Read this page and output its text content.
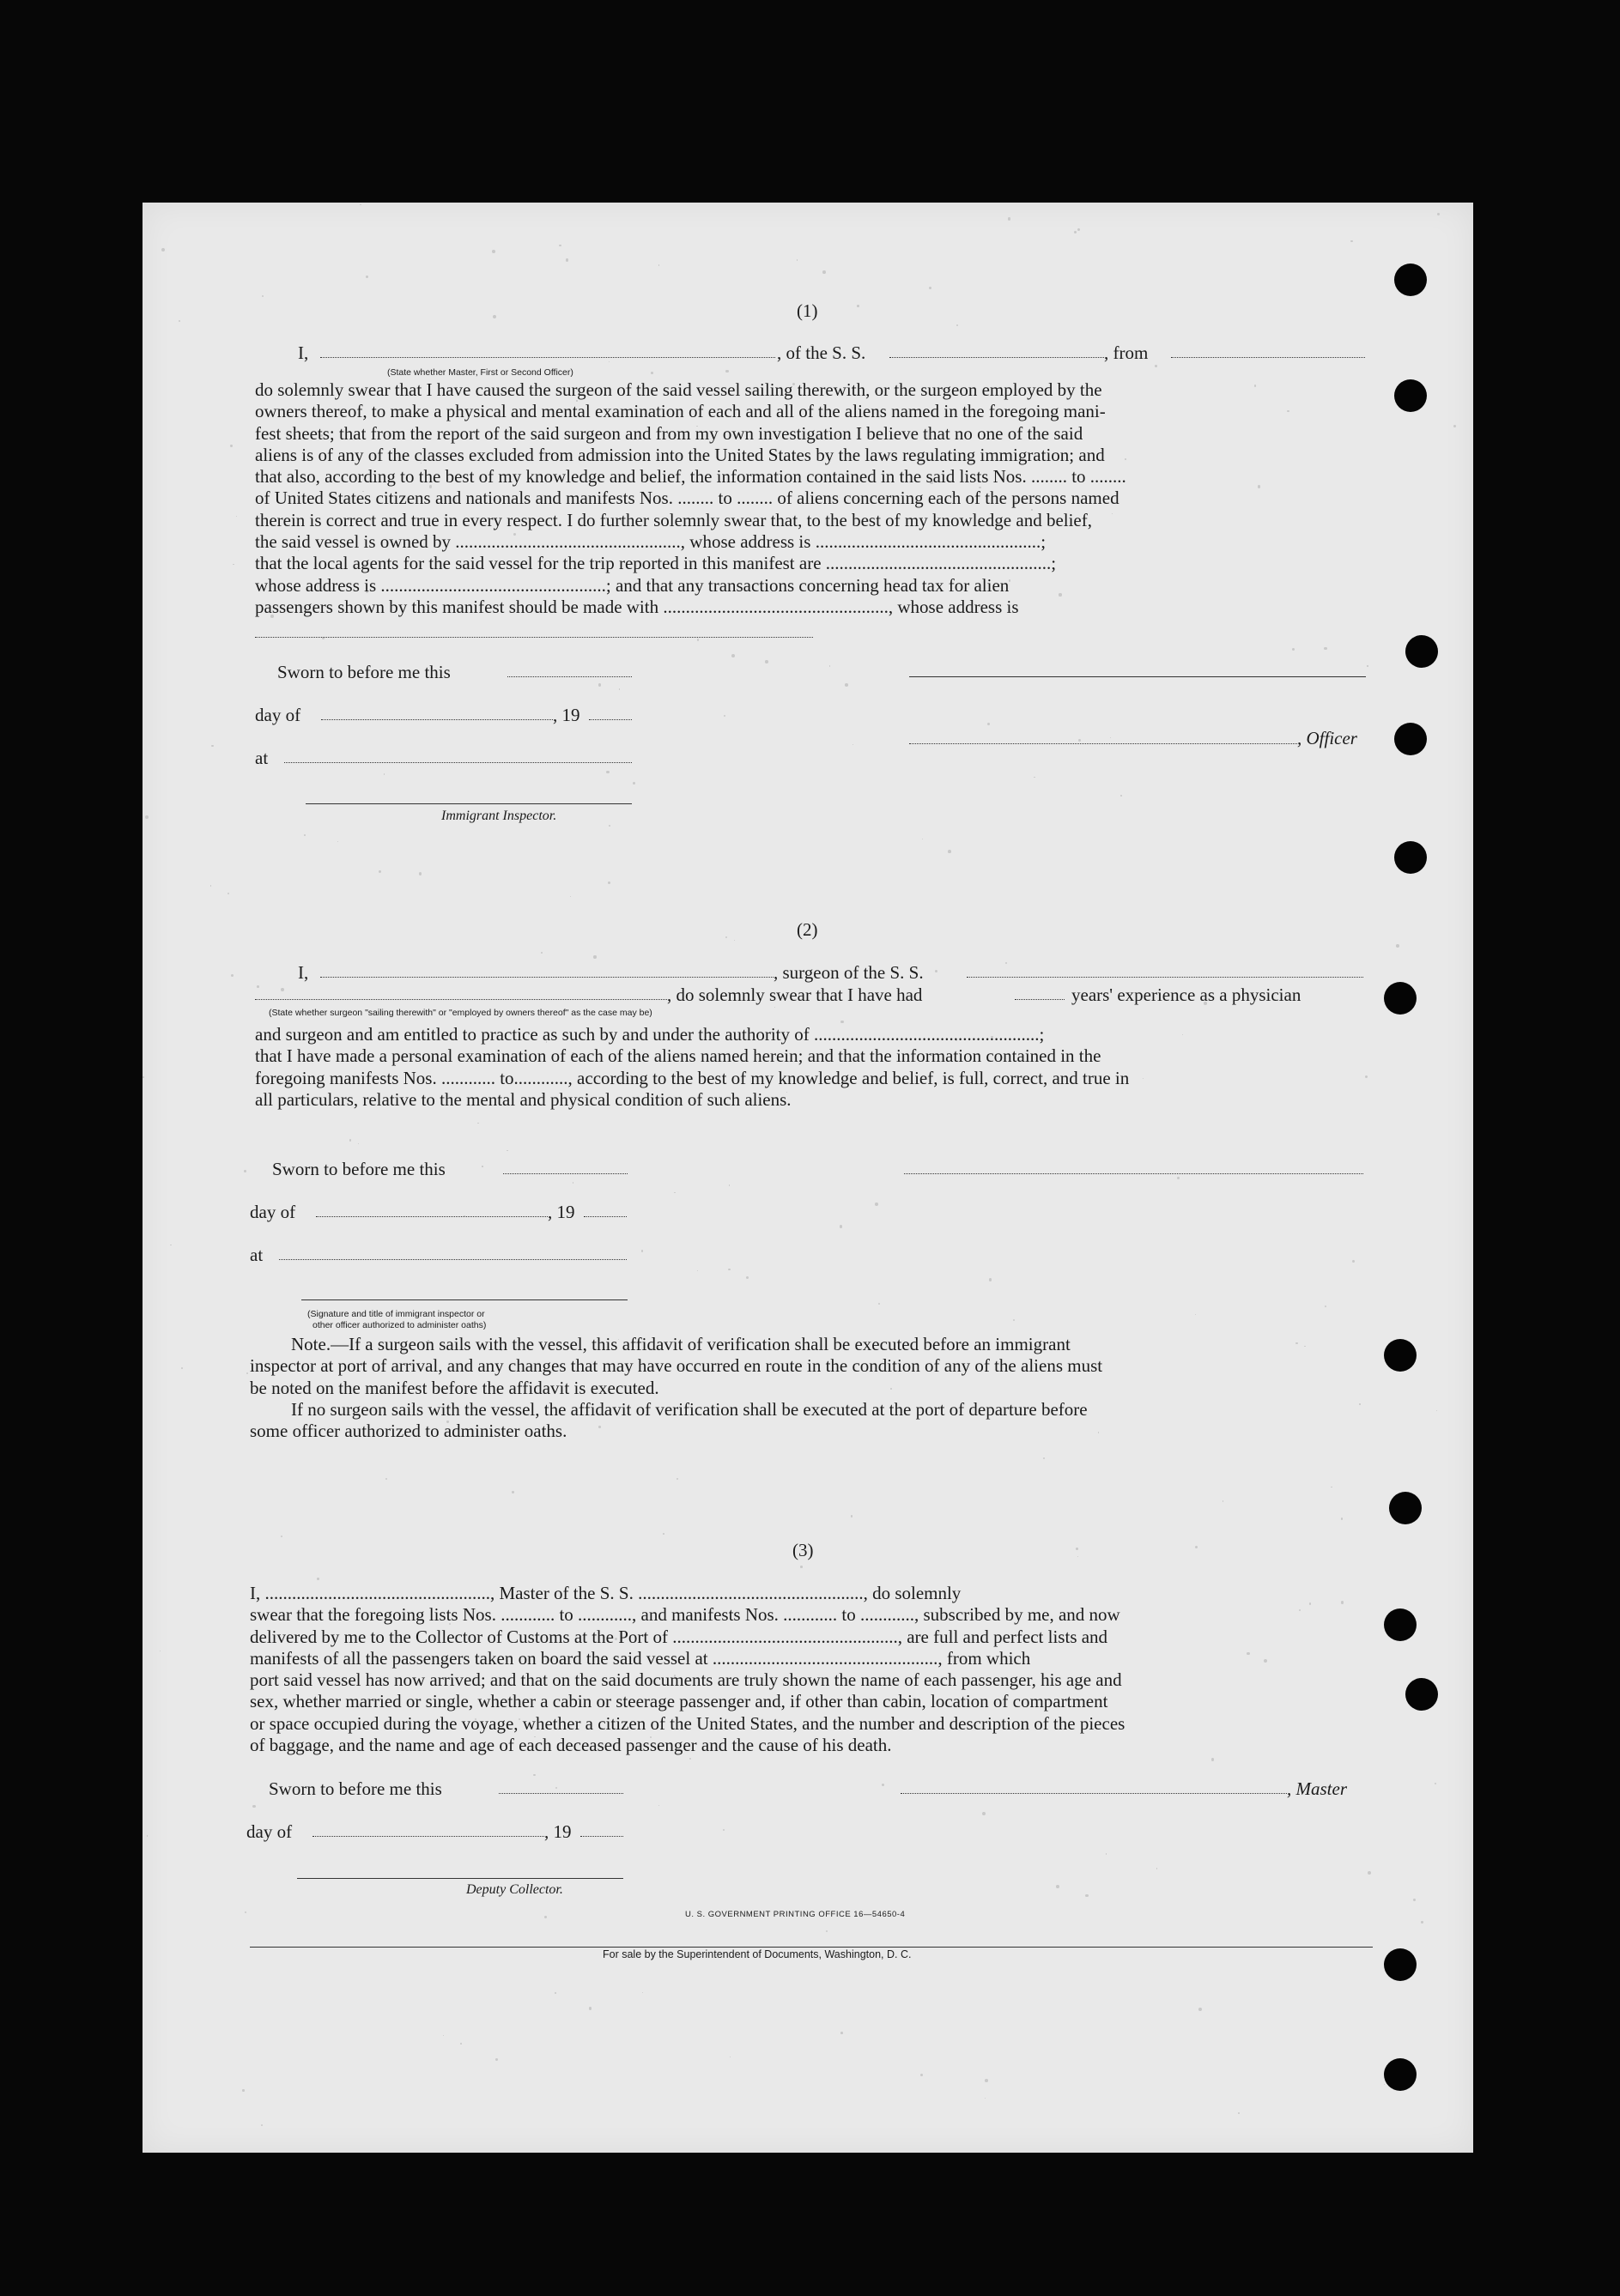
(1)
I,	, of the S. S.	, from
(State whether Master, First or Second Officer)
do solemnly swear that I have caused the surgeon of the said vessel sailing therewith, or the surgeon employed by the
owners thereof, to make a physical and mental examination of each and all of the aliens named in the foregoing mani-
fest sheets; that from the report of the said surgeon and from my own investigation I believe that no one of the said
aliens is of any of the classes excluded from admission into the United States by the laws regulating immigration; and
that also, according to the best of my knowledge and belief, the information contained in the said lists Nos. ........ to ........
of United States citizens and nationals and manifests Nos. ........ to ........ of aliens concerning each of the persons named
therein is correct and true in every respect. I do further solemnly swear that, to the best of my knowledge and belief,
the said vessel is owned by .................................................., whose address is ..................................................;
that the local agents for the said vessel for the trip reported in this manifest are ..................................................;
whose address is ..................................................; and that any transactions concerning head tax for alien
passengers shown by this manifest should be made with .................................................., whose address is
Sworn to before me this
day of	, 19
, Officer
at
Immigrant Inspector.
(2)
I,	, surgeon of the S. S.
, do solemnly swear that I have had	years' experience as a physician
(State whether surgeon "sailing therewith" or "employed by owners thereof" as the case may be)
and surgeon and am entitled to practice as such by and under the authority of ..................................................;
that I have made a personal examination of each of the aliens named herein; and that the information contained in the
foregoing manifests Nos. ............ to............, according to the best of my knowledge and belief, is full, correct, and true in
all particulars, relative to the mental and physical condition of such aliens.
Sworn to before me this
day of	, 19
at
(Signature and title of immigrant inspector or
other officer authorized to administer oaths)
Note.—If a surgeon sails with the vessel, this affidavit of verification shall be executed before an immigrant
inspector at port of arrival, and any changes that may have occurred en route in the condition of any of the aliens must
be noted on the manifest before the affidavit is executed.
If no surgeon sails with the vessel, the affidavit of verification shall be executed at the port of departure before
some officer authorized to administer oaths.
(3)
I, .................................................., Master of the S. S. .................................................., do solemnly
swear that the foregoing lists Nos. ............ to ............, and manifests Nos. ............ to ............, subscribed by me, and now
delivered by me to the Collector of Customs at the Port of .................................................., are full and perfect lists and
manifests of all the passengers taken on board the said vessel at .................................................., from which
port said vessel has now arrived; and that on the said documents are truly shown the name of each passenger, his age and
sex, whether married or single, whether a cabin or steerage passenger and, if other than cabin, location of compartment
or space occupied during the voyage, whether a citizen of the United States, and the number and description of the pieces
of baggage, and the name and age of each deceased passenger and the cause of his death.
Sworn to before me this	, Master
day of	, 19
Deputy Collector.
U. S. GOVERNMENT PRINTING OFFICE 16—54650-4
For sale by the Superintendent of Documents, Washington, D. C.
